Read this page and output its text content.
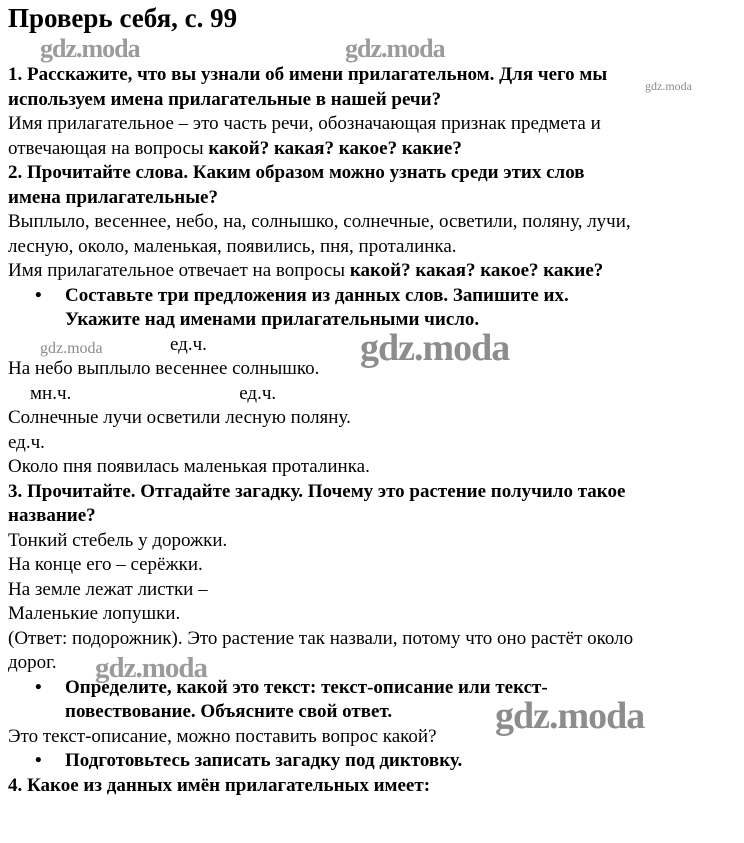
Проверь себя, с. 99
1. Расскажите, что вы узнали об имени прилагательном. Для чего мы
используем имена прилагательные в нашей речи?
Имя прилагательное – это часть речи, обозначающая признак предмета и
отвечающая на вопросы какой? какая? какое? какие?
2. Прочитайте слова. Каким образом можно узнать среди этих слов
имена прилагательные?
Выплыло, весеннее, небо, на, солнышко, солнечные, осветили, поляну, лучи,
лесную, около, маленькая, появились, пня, проталинка.
Имя прилагательное отвечает на вопросы какой? какая? какое? какие?
• Составьте три предложения из данных слов. Запишите их.
Укажите над именами прилагательными число.
ед.ч.
На небо выплыло весеннее солнышко.
мн.ч.	ед.ч.
Солнечные лучи осветили лесную поляну.
ед.ч.
Около пня появилась маленькая проталинка.
3. Прочитайте. Отгадайте загадку. Почему это растение получило такое
название?
Тонкий стебель у дорожки.
На конце его – серёжки.
На земле лежат листки –
Маленькие лопушки.
(Ответ: подорожник). Это растение так назвали, потому что оно растёт около
дорог.
• Определите, какой это текст: текст-описание или текст-
повествование. Объясните свой ответ.
Это текст-описание, можно поставить вопрос какой?
• Подготовьтесь записать загадку под диктовку.
4. Какое из данных имён прилагательных имеет:
gdz.moda	gdz.moda
gdz.moda
gdz.moda	gdz.moda
gdz.moda
gdz.moda
